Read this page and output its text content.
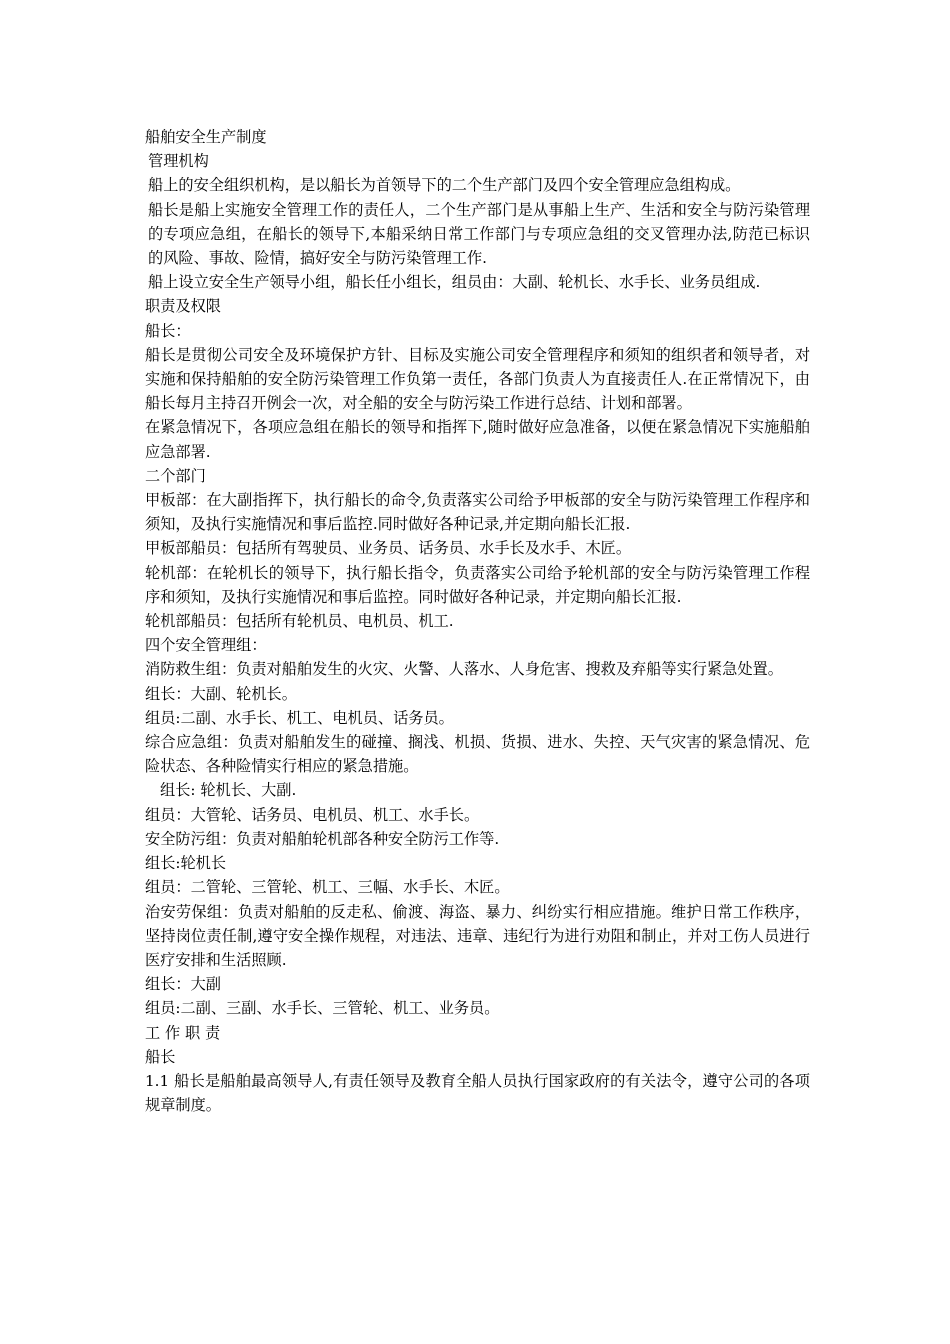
船舶安全生产制度

管理机构

船上的安全组织机构，是以船长为首领导下的二个生产部门及四个安全管理应急组构成。

船长是船上实施安全管理工作的责任人，二个生产部门是从事船上生产、生活和安全与防污染管理的专项应急组，在船长的领导下,本船采纳日常工作部门与专项应急组的交叉管理办法,防范已标识的风险、事故、险情，搞好安全与防污染管理工作.

船上设立安全生产领导小组，船长任小组长，组员由：大副、轮机长、水手长、业务员组成.

职责及权限

船长：

船长是贯彻公司安全及环境保护方针、目标及实施公司安全管理程序和须知的组织者和领导者，对实施和保持船舶的安全防污染管理工作负第一责任，各部门负责人为直接责任人.在正常情况下，由船长每月主持召开例会一次，对全船的安全与防污染工作进行总结、计划和部署。

在紧急情况下，各项应急组在船长的领导和指挥下,随时做好应急准备，以便在紧急情况下实施船舶应急部署.

二个部门

甲板部：在大副指挥下，执行船长的命令,负责落实公司给予甲板部的安全与防污染管理工作程序和须知，及执行实施情况和事后监控.同时做好各种记录,并定期向船长汇报.

甲板部船员：包括所有驾驶员、业务员、话务员、水手长及水手、木匠。

轮机部：在轮机长的领导下，执行船长指令，负责落实公司给予轮机部的安全与防污染管理工作程序和须知，及执行实施情况和事后监控。同时做好各种记录，并定期向船长汇报.

轮机部船员：包括所有轮机员、电机员、机工.

四个安全管理组：

消防救生组：负责对船舶发生的火灾、火警、人落水、人身危害、搜救及弃船等实行紧急处置。

组长：大副、轮机长。

组员:二副、水手长、机工、电机员、话务员。

综合应急组：负责对船舶发生的碰撞、搁浅、机损、货损、进水、失控、天气灾害的紧急情况、危险状态、各种险情实行相应的紧急措施。

组长: 轮机长、大副.

组员：大管轮、话务员、电机员、机工、水手长。

安全防污组：负责对船舶轮机部各种安全防污工作等.

组长:轮机长

组员：二管轮、三管轮、机工、三幅、水手长、木匠。

治安劳保组：负责对船舶的反走私、偷渡、海盗、暴力、纠纷实行相应措施。维护日常工作秩序，坚持岗位责任制,遵守安全操作规程，对违法、违章、违纪行为进行劝阻和制止，并对工伤人员进行医疗安排和生活照顾.

组长：大副

组员:二副、三副、水手长、三管轮、机工、业务员。

工 作 职 责

船长

1.1 船长是船舶最高领导人,有责任领导及教育全船人员执行国家政府的有关法令，遵守公司的各项规章制度。
